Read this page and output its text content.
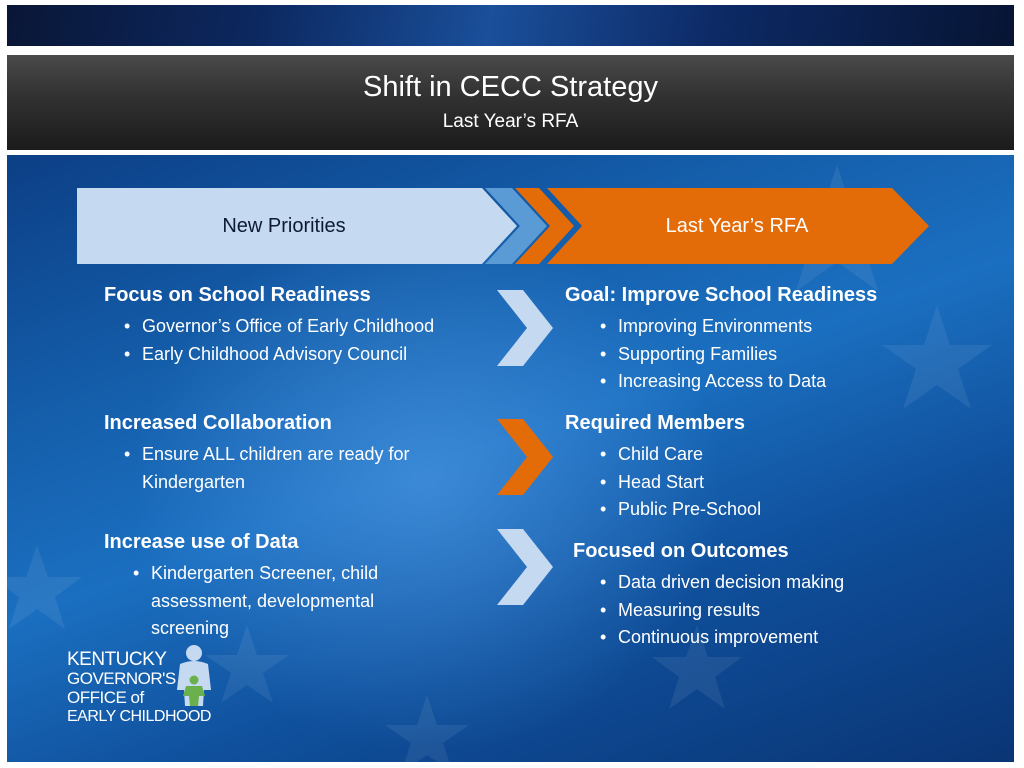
Shift in CECC Strategy
Last Year’s RFA
New Priorities	Last Year’s RFA
Focus on School Readiness
• Governor’s Office of Early Childhood
• Early Childhood Advisory Council
Increased Collaboration
• Ensure ALL children are ready for Kindergarten
Increase use of Data
• Kindergarten Screener, child assessment, developmental screening
Goal: Improve School Readiness
• Improving Environments
• Supporting Families
• Increasing Access to Data
Required Members
• Child Care
• Head Start
• Public Pre-School
Focused on Outcomes
• Data driven decision making
• Measuring results
• Continuous improvement
KENTUCKY
GOVERNOR'S
OFFICE of
EARLY CHILDHOOD
